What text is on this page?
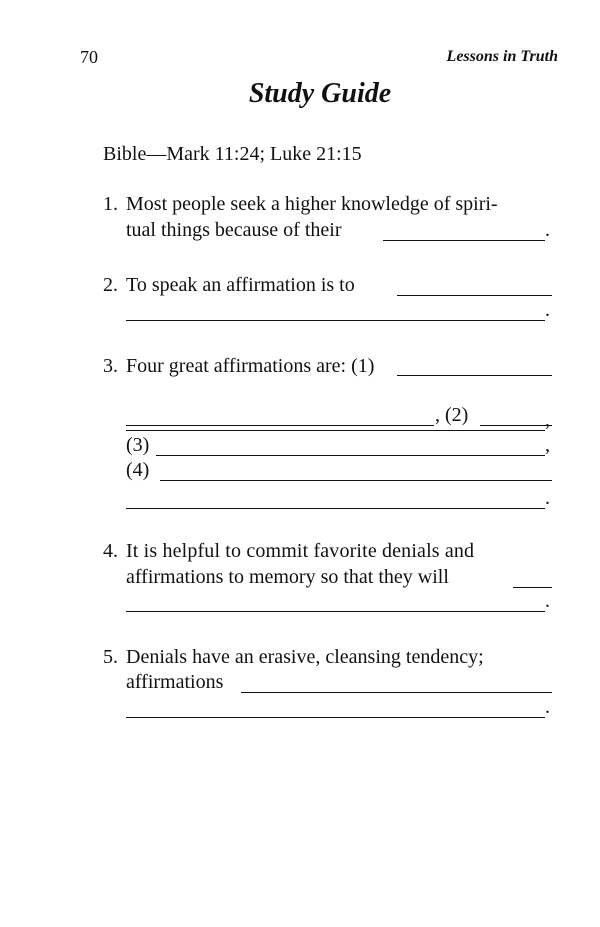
70	Lessons in Truth
Study Guide
Bible—Mark 11:24; Luke 21:15
1. Most people seek a higher knowledge of spiri-
tual things because of their	.
2. To speak an affirmation is to
.
3. Four great affirmations are: (1)
, (2)	,
(3)	,
(4)
.
4. It is helpful to commit favorite denials and
affirmations to memory so that they will
.
5. Denials have an erasive, cleansing tendency;
affirmations
.
